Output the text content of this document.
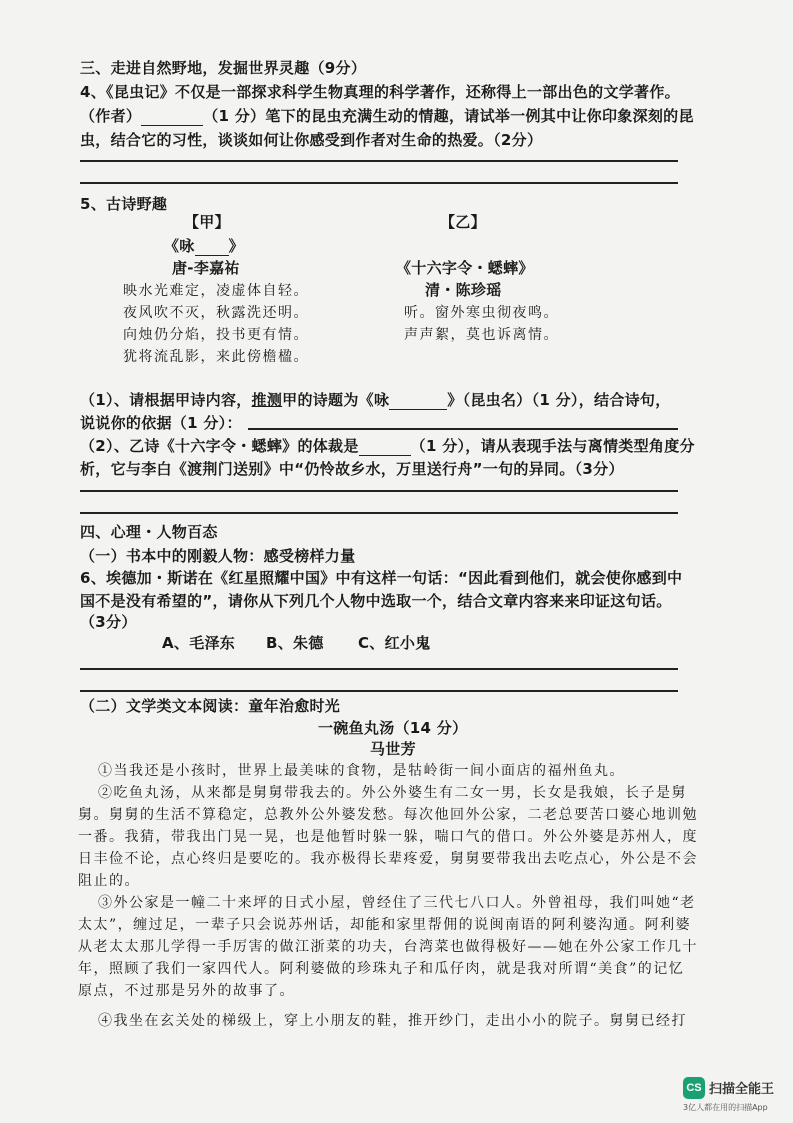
三、走进自然野地，发掘世界灵趣（9分）
4、《昆虫记》不仅是一部探求科学生物真理的科学著作，还称得上一部出色的文学著作。
（作者）	（1 分）笔下的昆虫充满生动的情趣，请试举一例其中让你印象深刻的昆
虫，结合它的习性，谈谈如何让你感受到作者对生命的热爱。（2分）
5、古诗野趣
【甲】
《咏 》
唐-李嘉祐
映水光难定，凌虚体自轻。
夜风吹不灭，秋露洗还明。
向烛仍分焰，投书更有情。
犹将流乱影，来此傍檐楹。
【乙】
《十六字令・蟋蟀》
清・陈珍瑶
听。窗外寒虫彻夜鸣。
声声絮，莫也诉离情。
（1）、请根据甲诗内容，推测甲的诗题为《咏	》（昆虫名）（1 分），结合诗句，
说说你的依据（1 分）：
（2）、乙诗《十六字令・蟋蟀》的体裁是	（1 分），请从表现手法与离情类型角度分
析，它与李白《渡荆门送别》中“仍怜故乡水，万里送行舟”一句的异同。（3分）
四、心理・人物百态
（一）书本中的刚毅人物：感受榜样力量
6、埃德加・斯诺在《红星照耀中国》中有这样一句话：“因此看到他们，就会使你感到中
国不是没有希望的”，请你从下列几个人物中选取一个，结合文章内容来来印证这句话。
（3分）
A、毛泽东 B、朱德 C、红小鬼
（二）文学类文本阅读：童年治愈时光
一碗鱼丸汤（14 分）
马世芳
①当我还是小孩时，世界上最美味的食物，是牯岭街一间小面店的福州鱼丸。
②吃鱼丸汤，从来都是舅舅带我去的。外公外婆生有二女一男，长女是我娘，长子是舅
舅。舅舅的生活不算稳定，总教外公外婆发愁。每次他回外公家，二老总要苦口婆心地训勉
一番。我猜，带我出门晃一晃，也是他暂时躲一躲，喘口气的借口。外公外婆是苏州人，度
日丰俭不论，点心终归是要吃的。我亦极得长辈疼爱，舅舅要带我出去吃点心，外公是不会
阻止的。
③外公家是一幢二十来坪的日式小屋，曾经住了三代七八口人。外曾祖母，我们叫她“老
太太”，缠过足，一辈子只会说苏州话，却能和家里帮佣的说闽南语的阿利婆沟通。阿利婆
从老太太那儿学得一手厉害的做江浙菜的功夫，台湾菜也做得极好——她在外公家工作几十
年，照顾了我们一家四代人。阿利婆做的珍珠丸子和瓜仔肉，就是我对所谓“美食”的记忆
原点，不过那是另外的故事了。
④我坐在玄关处的梯级上，穿上小朋友的鞋，推开纱门，走出小小的院子。舅舅已经打
CS 扫描全能王
3亿人都在用的扫描App
